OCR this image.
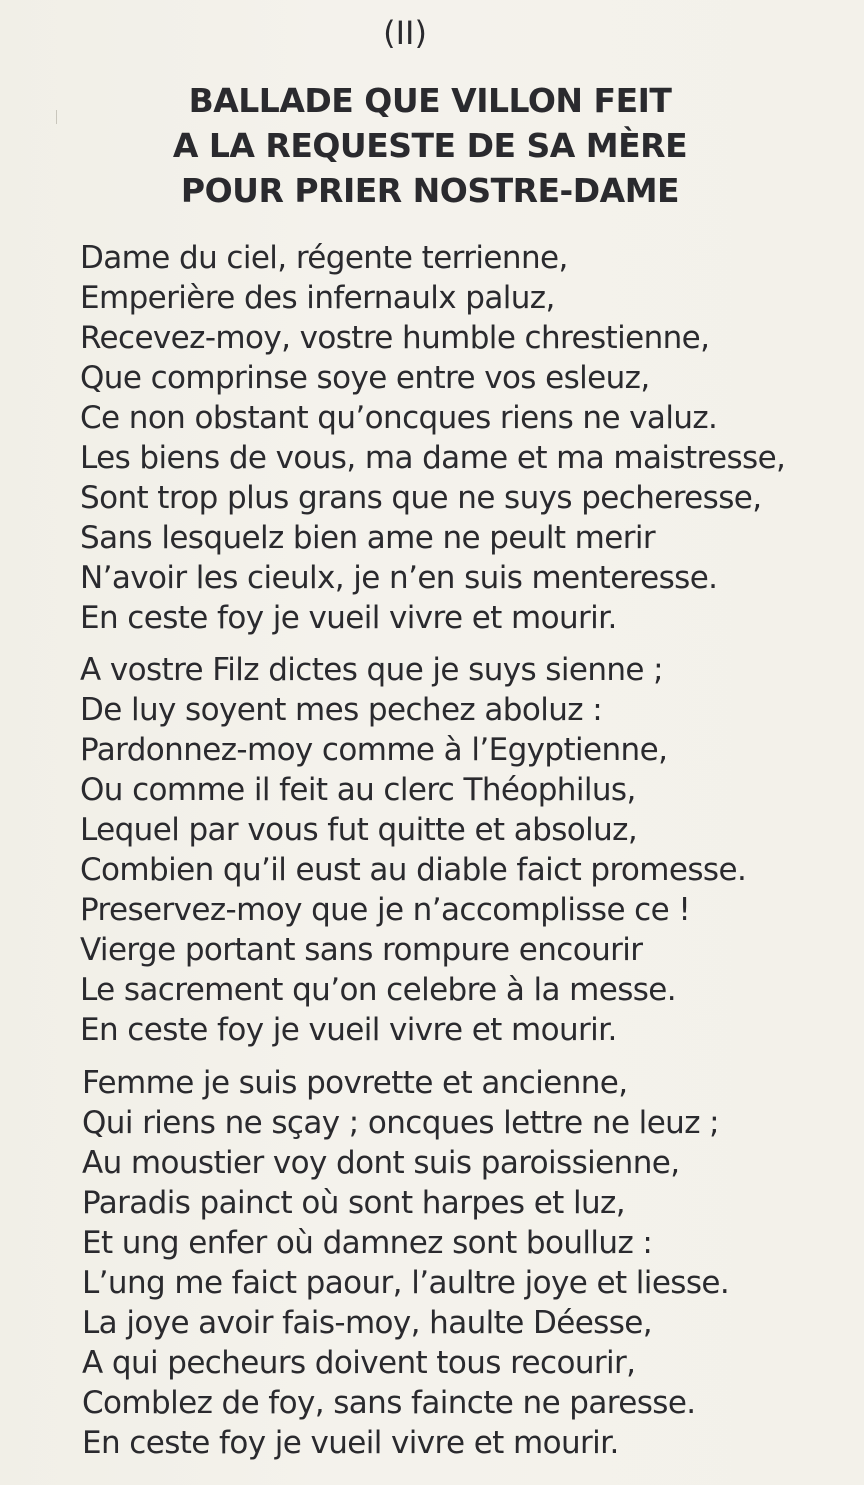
(II)
BALLADE QUE VILLON FEIT
A LA REQUESTE DE SA MÈRE
POUR PRIER NOSTRE-DAME
Dame du ciel, régente terrienne,
Emperière des infernaulx paluz,
Recevez-moy, vostre humble chrestienne,
Que comprinse soye entre vos esleuz,
Ce non obstant qu’oncques riens ne valuz.
Les biens de vous, ma dame et ma maistresse,
Sont trop plus grans que ne suys pecheresse,
Sans lesquelz bien ame ne peult merir
N’avoir les cieulx, je n’en suis menteresse.
En ceste foy je vueil vivre et mourir.
A vostre Filz dictes que je suys sienne ;
De luy soyent mes pechez aboluz :
Pardonnez-moy comme à l’Egyptienne,
Ou comme il feit au clerc Théophilus,
Lequel par vous fut quitte et absoluz,
Combien qu’il eust au diable faict promesse.
Preservez-moy que je n’accomplisse ce !
Vierge portant sans rompure encourir
Le sacrement qu’on celebre à la messe.
En ceste foy je vueil vivre et mourir.
Femme je suis povrette et ancienne,
Qui riens ne sçay ; oncques lettre ne leuz ;
Au moustier voy dont suis paroissienne,
Paradis painct où sont harpes et luz,
Et ung enfer où damnez sont boulluz :
L’ung me faict paour, l’aultre joye et liesse.
La joye avoir fais-moy, haulte Déesse,
A qui pecheurs doivent tous recourir,
Comblez de foy, sans faincte ne paresse.
En ceste foy je vueil vivre et mourir.
